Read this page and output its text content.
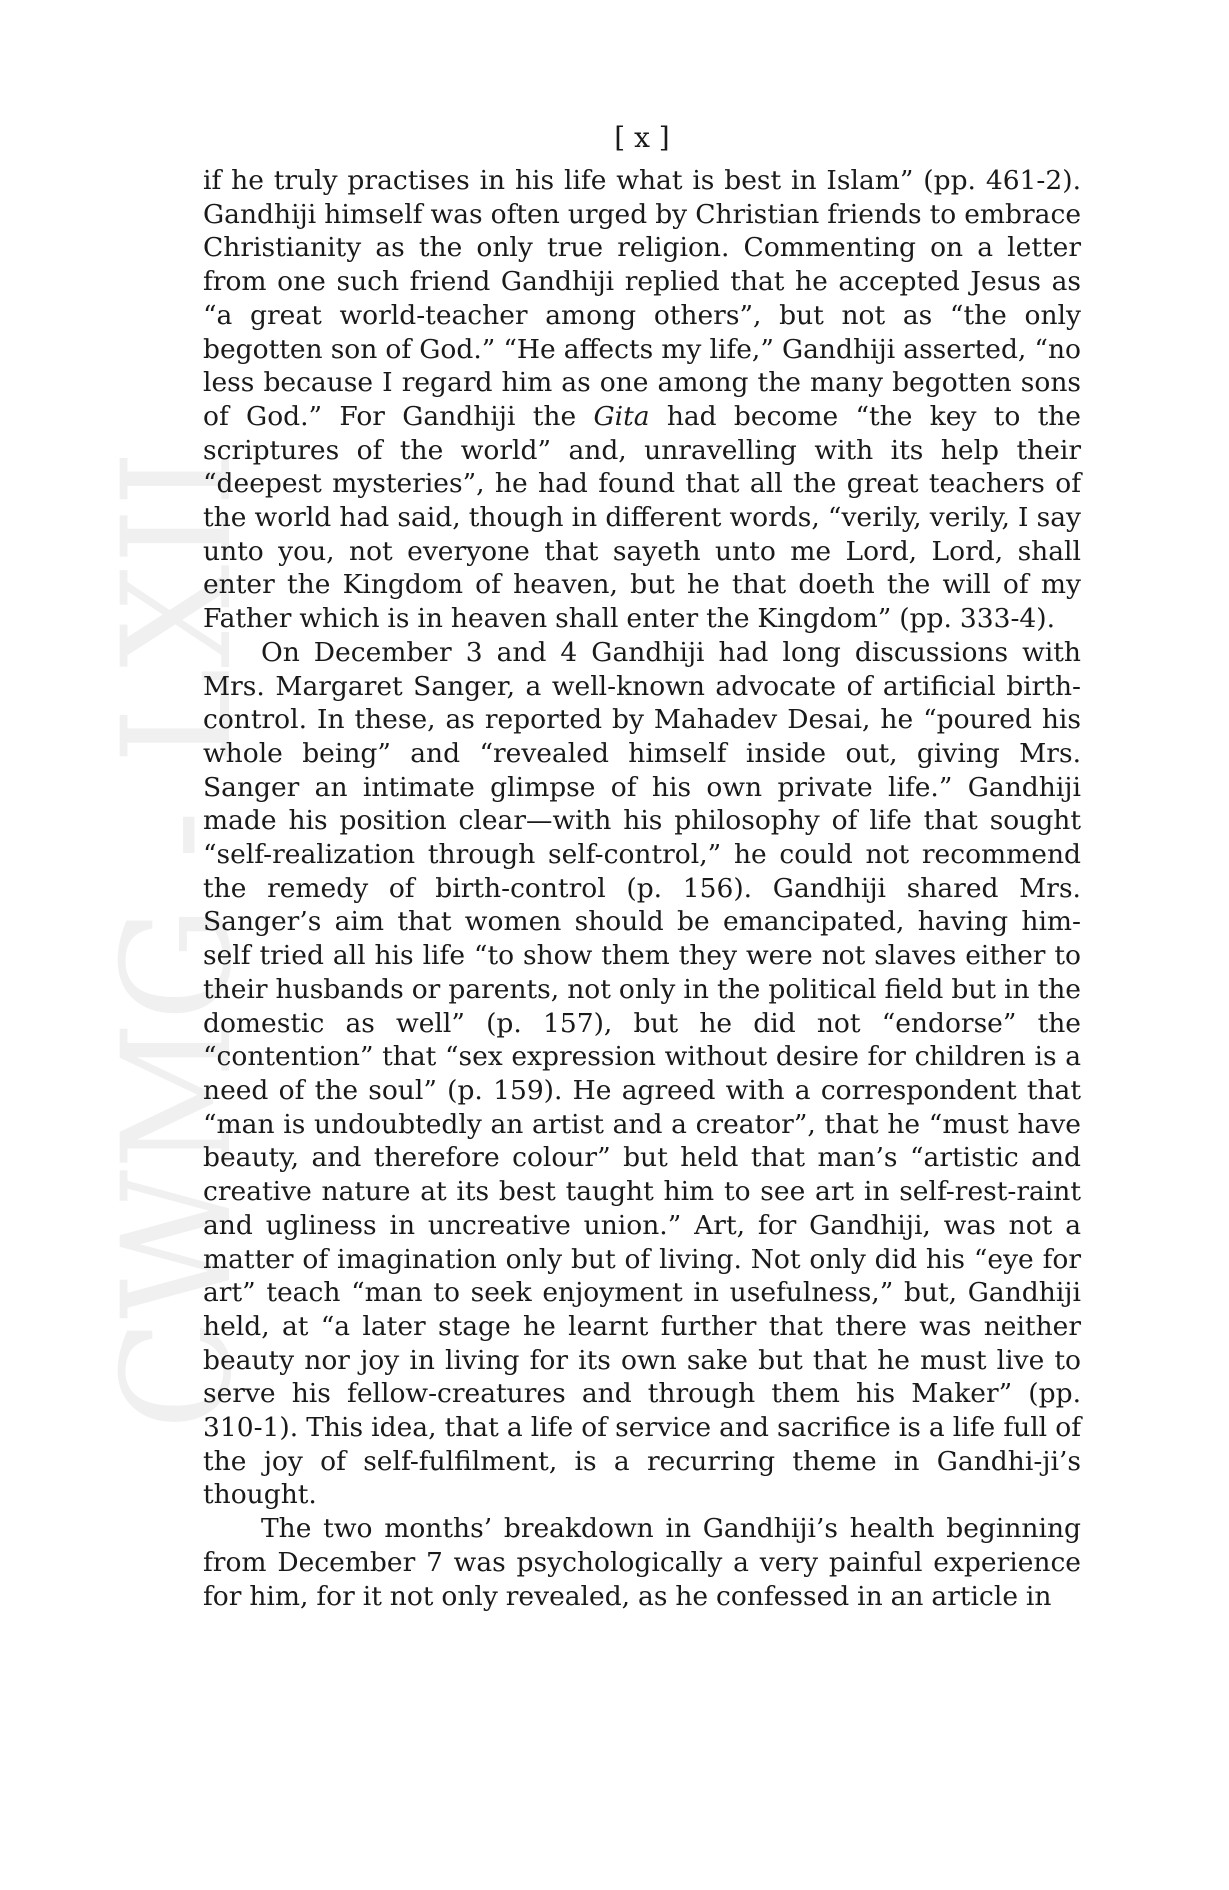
CWMG - LXII
[ x ]

if he truly practises in his life what is best in Islam” (pp. 461-2). Gandhiji himself was often urged by Christian friends to embrace Christianity as the only true religion. Commenting on a letter from one such friend Gandhiji replied that he accepted Jesus as “a great world-teacher among others”, but not as “the only begotten son of God.” “He affects my life,” Gandhiji asserted, “no less because I regard him as one among the many begotten sons of God.” For Gandhiji the Gita had become “the key to the scriptures of the world” and, unravelling with its help their “deepest mysteries”, he had found that all the great teachers of the world had said, though in different words, “verily, verily, I say unto you, not everyone that sayeth unto me Lord, Lord, shall enter the Kingdom of heaven, but he that doeth the will of my Father which is in heaven shall enter the Kingdom” (pp. 333-4).

On December 3 and 4 Gandhiji had long discussions with Mrs. Margaret Sanger, a well-known advocate of artificial birth-control. In these, as reported by Mahadev Desai, he “poured his whole being” and “revealed himself inside out, giving Mrs. Sanger an intimate glimpse of his own private life.” Gandhiji made his position clear—with his philosophy of life that sought “self-realization through self-control,” he could not recommend the remedy of birth-control (p. 156). Gandhiji shared Mrs. Sanger’s aim that women should be emancipated, having him-self tried all his life “to show them they were not slaves either to their husbands or parents, not only in the political field but in the domestic as well” (p. 157), but he did not “endorse” the “contention” that “sex expression without desire for children is a need of the soul” (p. 159). He agreed with a correspondent that “man is undoubtedly an artist and a creator”, that he “must have beauty, and therefore colour” but held that man’s “artistic and creative nature at its best taught him to see art in self-rest-raint and ugliness in uncreative union.” Art, for Gandhiji, was not a matter of imagination only but of living. Not only did his “eye for art” teach “man to seek enjoyment in usefulness,” but, Gandhiji held, at “a later stage he learnt further that there was neither beauty nor joy in living for its own sake but that he must live to serve his fellow-creatures and through them his Maker” (pp. 310-1). This idea, that a life of service and sacrifice is a life full of the joy of self-fulfilment, is a recurring theme in Gandhi-ji’s thought.

The two months’ breakdown in Gandhiji’s health beginning from December 7 was psychologically a very painful experience for him, for it not only revealed, as he confessed in an article in
